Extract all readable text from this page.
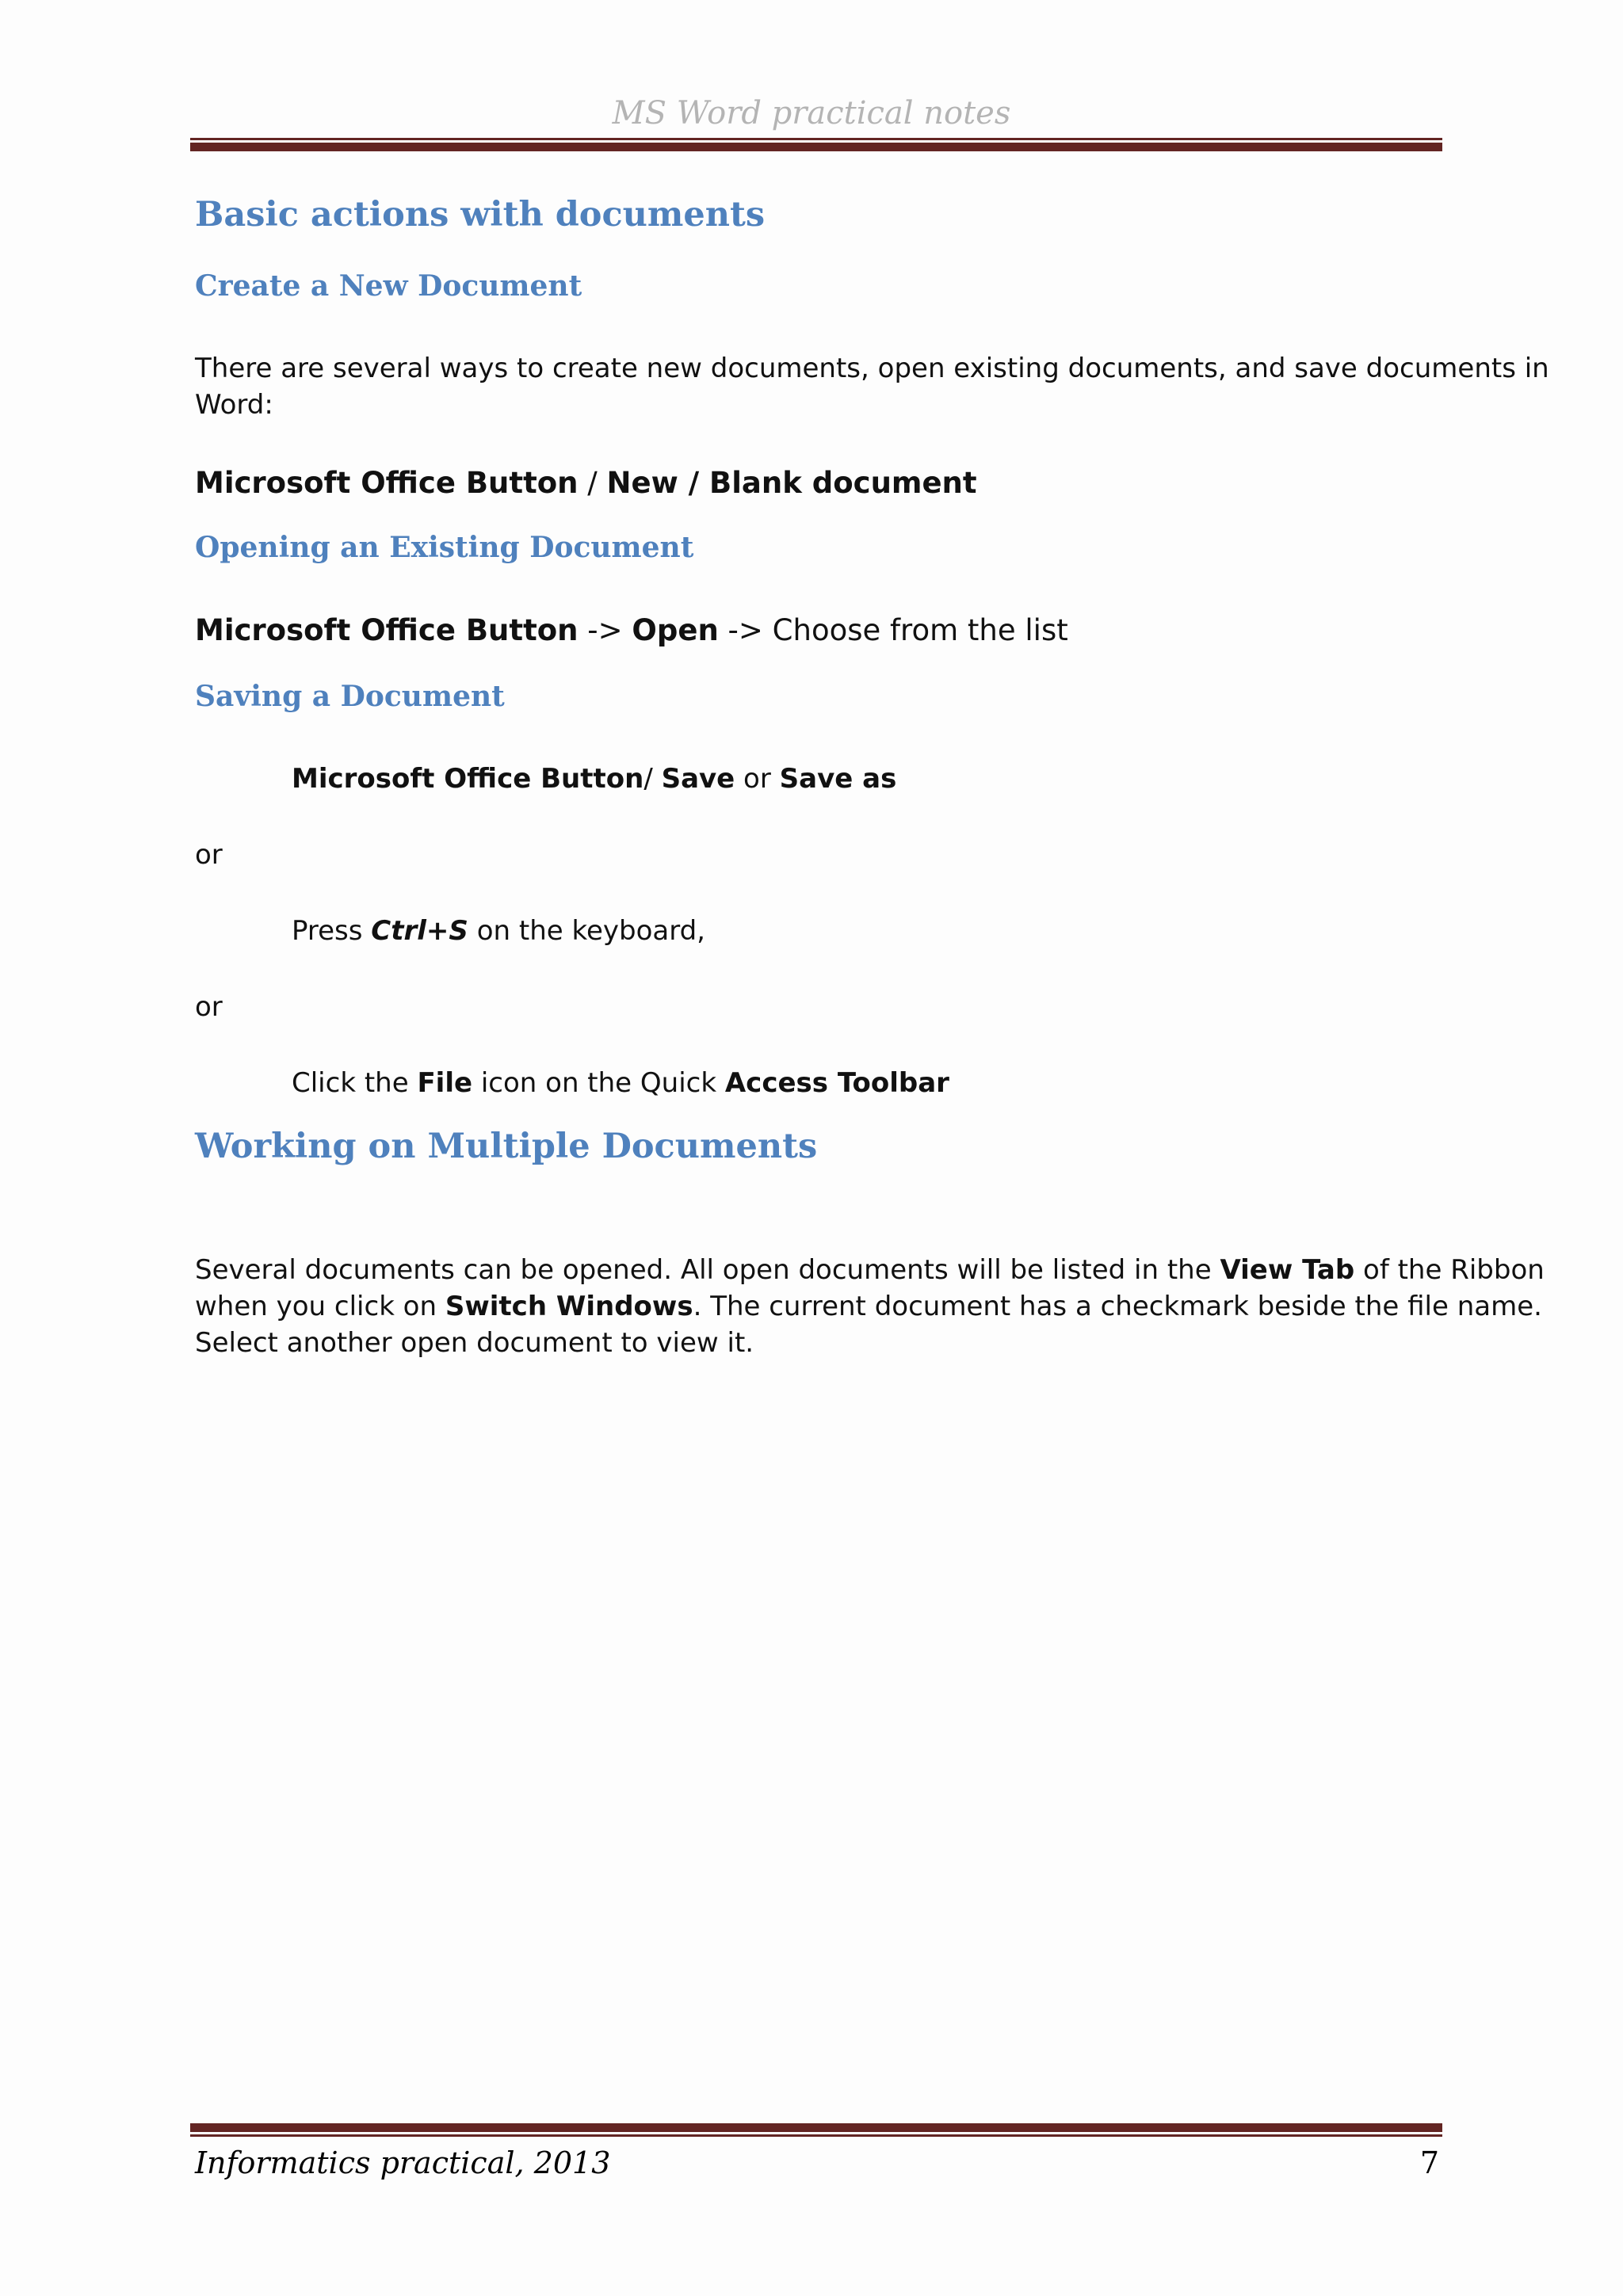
MS Word practical notes
Basic actions with documents
Create a New Document
There are several ways to create new documents, open existing documents, and save documents in
Word:
Microsoft Office Button / New / Blank document
Opening an Existing Document
Microsoft Office Button -> Open -> Choose from the list
Saving a Document
Microsoft Office Button/ Save or Save as
or
Press Ctrl+S on the keyboard,
or
Click the File icon on the Quick Access Toolbar
Working on Multiple Documents
Several documents can be opened. All open documents will be listed in the View Tab of the Ribbon
when you click on Switch Windows. The current document has a checkmark beside the file name.
Select another open document to view it.
Informatics practical, 2013	7
